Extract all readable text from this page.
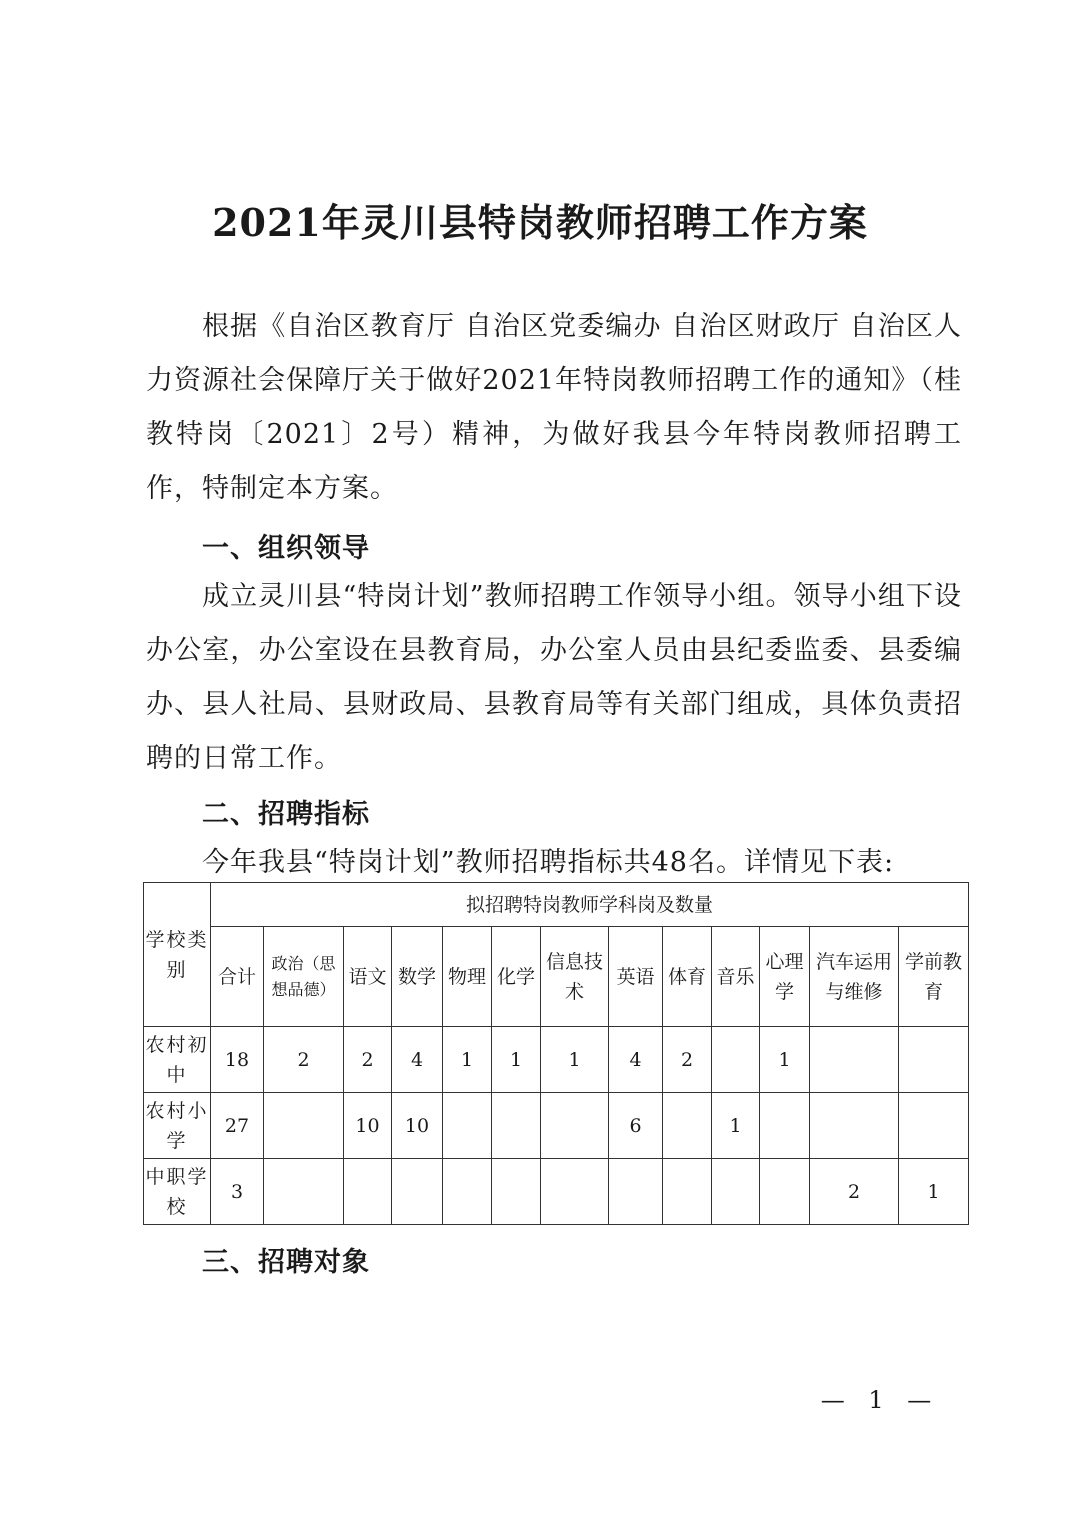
2021年灵川县特岗教师招聘工作方案

根据《自治区教育厅 自治区党委编办 自治区财政厅 自治区人力资源社会保障厅关于做好2021年特岗教师招聘工作的通知》（桂教特岗〔2021〕2号）精神，为做好我县今年特岗教师招聘工作，特制定本方案。

一、组织领导

成立灵川县“特岗计划”教师招聘工作领导小组。领导小组下设办公室，办公室设在县教育局，办公室人员由县纪委监委、县委编办、县人社局、县财政局、县教育局等有关部门组成，具体负责招聘的日常工作。

二、招聘指标

今年我县“特岗计划”教师招聘指标共48名。详情见下表:

学校类别	拟招聘特岗教师学科岗及数量												
	合计	政治（思想品德）	语文	数学	物理	化学	信息技术	英语	体育	音乐	心理学	汽车运用与维修	学前教育
农村初中	18	2	2	4	1	1	1	4	2		1		
农村小学	27		10	10				6		1			
中职学校	3											2	1
三、招聘对象
— 1 —
